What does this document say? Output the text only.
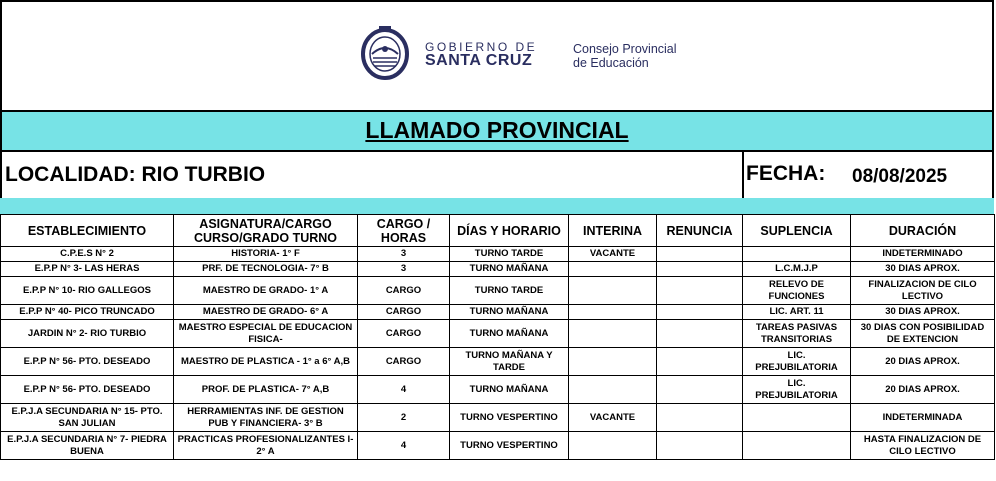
GOBIERNO DE
SANTA CRUZ
Consejo Provincial
de Educación
LLAMADO PROVINCIAL
LOCALIDAD: RIO TURBIO	FECHA: 08/08/2025
ESTABLECIMIENTO	ASIGNATURA/CARGO CURSO/GRADO TURNO	CARGO / HORAS	DÍAS Y HORARIO	INTERINA	RENUNCIA	SUPLENCIA	DURACIÓN
C.P.E.S N° 2	HISTORIA- 1° F	3	TURNO TARDE	VACANTE			INDETERMINADO
E.P.P N° 3- LAS HERAS	PRF. DE TECNOLOGIA- 7° B	3	TURNO MAÑANA			L.C.M.J.P	30 DIAS APROX.
E.P.P N° 10- RIO GALLEGOS	MAESTRO DE GRADO- 1° A	CARGO	TURNO TARDE			RELEVO DE FUNCIONES	FINALIZACION DE CILO LECTIVO
E.P.P N° 40- PICO TRUNCADO	MAESTRO DE GRADO- 6° A	CARGO	TURNO MAÑANA			LIC. ART. 11	30 DIAS APROX.
JARDIN N° 2- RIO TURBIO	MAESTRO ESPECIAL DE EDUCACION FISICA-	CARGO	TURNO MAÑANA			TAREAS PASIVAS TRANSITORIAS	30 DIAS CON POSIBILIDAD DE EXTENCION
E.P.P N° 56- PTO. DESEADO	MAESTRO DE PLASTICA - 1° a 6° A,B	CARGO	TURNO MAÑANA Y TARDE			LIC. PREJUBILATORIA	20 DIAS APROX.
E.P.P N° 56- PTO. DESEADO	PROF. DE PLASTICA- 7° A,B	4	TURNO MAÑANA			LIC. PREJUBILATORIA	20 DIAS APROX.
E.P.J.A SECUNDARIA N° 15- PTO. SAN JULIAN	HERRAMIENTAS INF. DE GESTION PUB Y FINANCIERA- 3° B	2	TURNO VESPERTINO	VACANTE			INDETERMINADA
E.P.J.A SECUNDARIA N° 7- PIEDRA BUENA	PRACTICAS PROFESIONALIZANTES I- 2° A	4	TURNO VESPERTINO				HASTA FINALIZACION DE CILO LECTIVO
